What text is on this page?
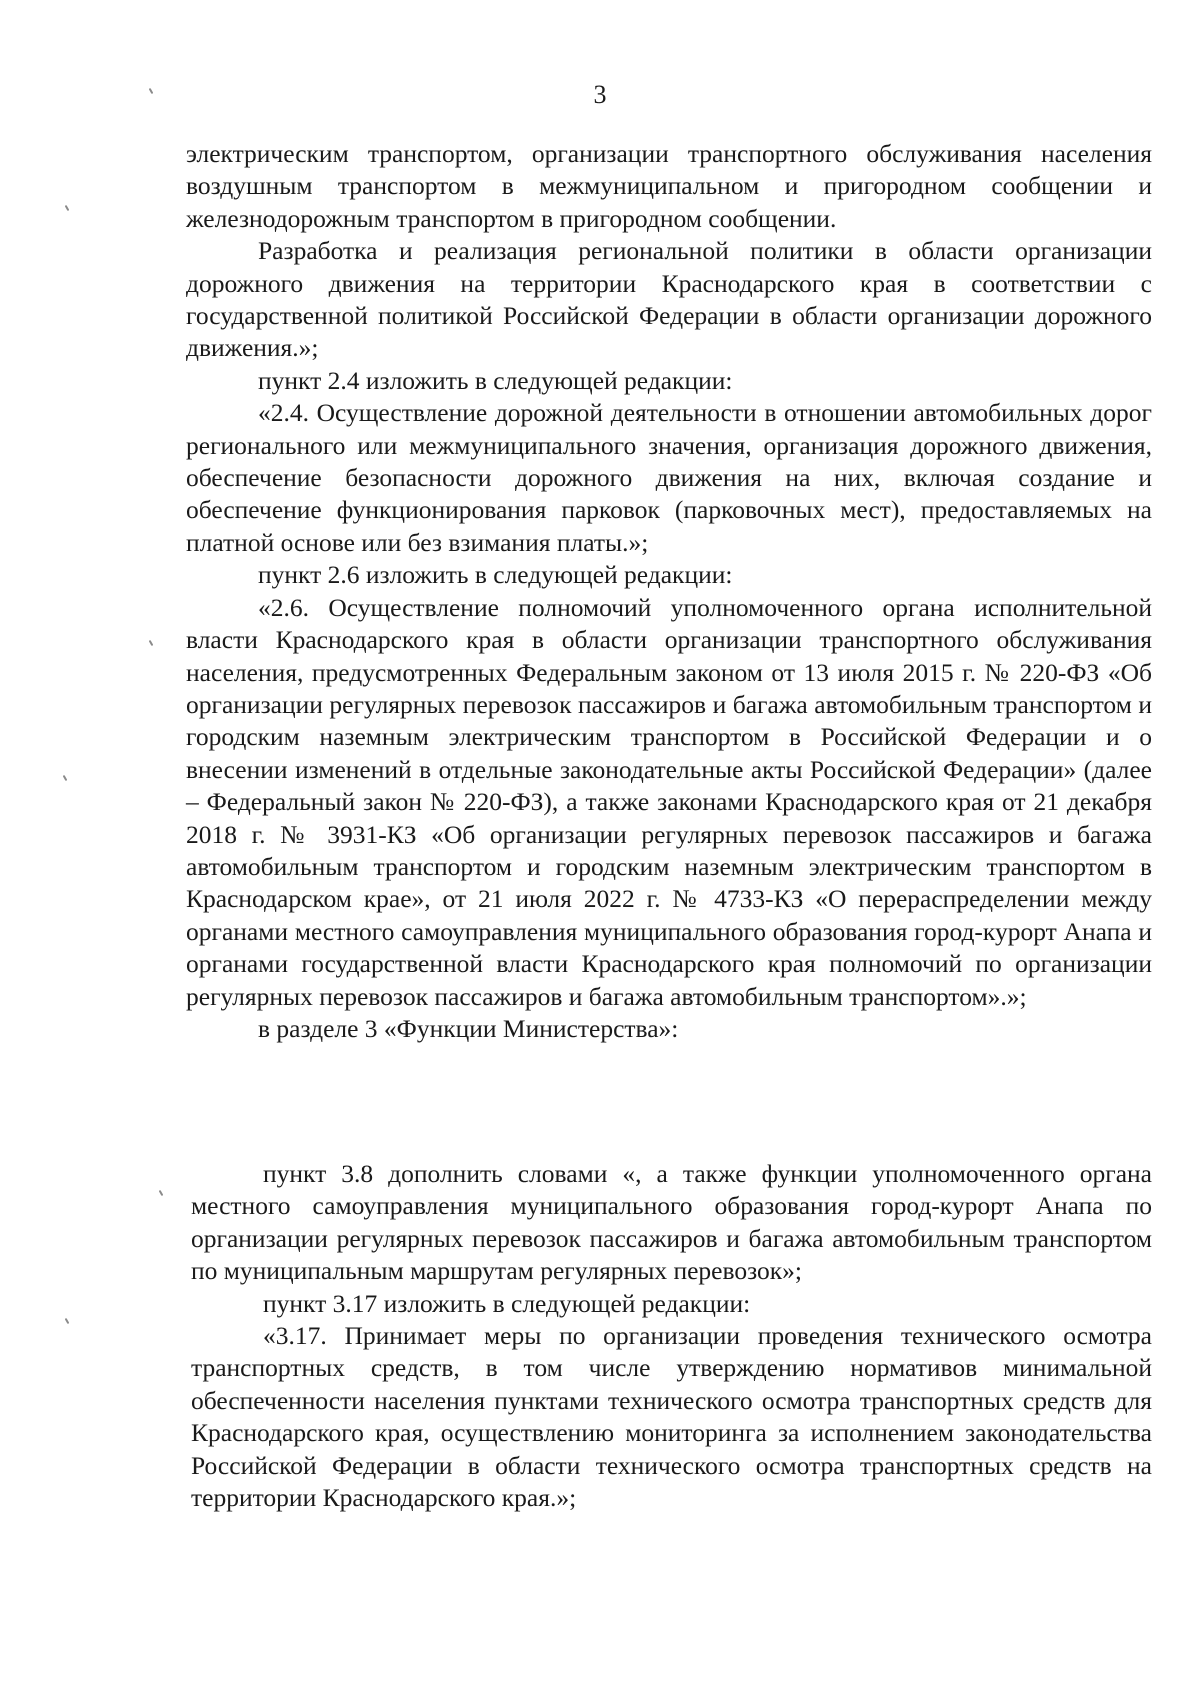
3

электрическим транспортом, организации транспортного обслуживания населения воздушным транспортом в межмуниципальном и пригородном сообщении и железнодорожным транспортом в пригородном сообщении.

Разработка и реализация региональной политики в области организации дорожного движения на территории Краснодарского края в соответствии с государственной политикой Российской Федерации в области организации дорожного движения.»;

пункт 2.4 изложить в следующей редакции:

«2.4. Осуществление дорожной деятельности в отношении автомобильных дорог регионального или межмуниципального значения, организация дорожного движения, обеспечение безопасности дорожного движения на них, включая создание и обеспечение функционирования парковок (парковочных мест), предоставляемых на платной основе или без взимания платы.»;

пункт 2.6 изложить в следующей редакции:

«2.6. Осуществление полномочий уполномоченного органа исполнительной власти Краснодарского края в области организации транспортного обслуживания населения, предусмотренных Федеральным законом от 13 июля 2015 г. № 220-ФЗ «Об организации регулярных перевозок пассажиров и багажа автомобильным транспортом и городским наземным электрическим транспортом в Российской Федерации и о внесении изменений в отдельные законодательные акты Российской Федерации» (далее – Федеральный закон № 220-ФЗ), а также законами Краснодарского края от 21 декабря 2018 г. № 3931-КЗ «Об организации регулярных перевозок пассажиров и багажа автомобильным транспортом и городским наземным электрическим транспортом в Краснодарском крае», от 21 июля 2022 г. № 4733-КЗ «О перераспределении между органами местного самоуправления муниципального образования город-курорт Анапа и органами государственной власти Краснодарского края полномочий по организации регулярных перевозок пассажиров и багажа автомобильным транспортом».»;

в разделе 3 «Функции Министерства»:

пункт 3.8 дополнить словами «, а также функции уполномоченного органа местного самоуправления муниципального образования город-курорт Анапа по организации регулярных перевозок пассажиров и багажа автомобильным транспортом по муниципальным маршрутам регулярных перевозок»;

пункт 3.17 изложить в следующей редакции:

«3.17. Принимает меры по организации проведения технического осмотра транспортных средств, в том числе утверждению нормативов минимальной обеспеченности населения пунктами технического осмотра транспортных средств для Краснодарского края, осуществлению мониторинга за исполнением законодательства Российской Федерации в области технического осмотра транспортных средств на территории Краснодарского края.»;
